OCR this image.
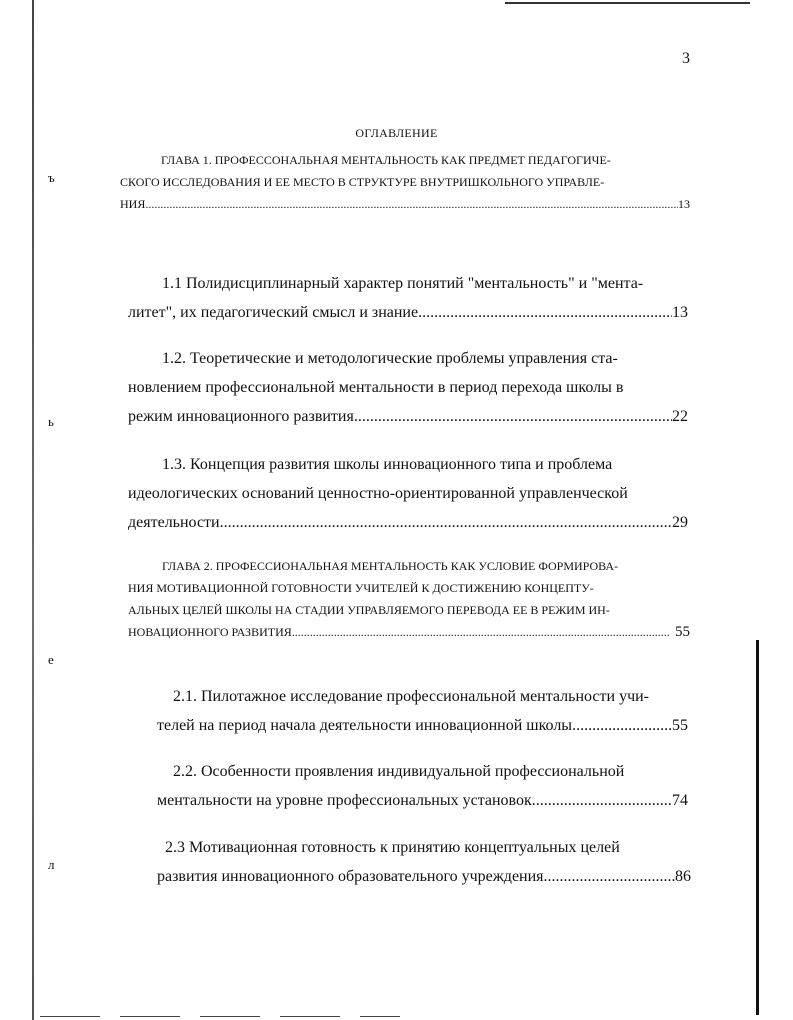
ъ
ь
е
л
3
ОГЛАВЛЕНИЕ
ГЛАВА 1. ПРОФЕССОНАЛЬНАЯ МЕНТАЛЬНОСТЬ КАК ПРЕДМЕТ ПЕДАГОГИЧЕ-
СКОГО ИССЛЕДОВАНИЯ И ЕЕ МЕСТО В СТРУКТУРЕ ВНУТРИШКОЛЬНОГО УПРАВЛЕ-
НИЯ .....	13
1.1 Полидисциплинарный характер понятий "ментальность" и "мента-
литет", их педагогический смысл и знание .....	13
1.2. Теоретические и методологические проблемы управления ста-
новлением профессиональной ментальности в период перехода школы в
режим инновационного развития .....	22
1.3. Концепция развития школы инновационного типа и проблема
идеологических оснований ценностно-ориентированной управленческой
деятельности .....	29
ГЛАВА 2. ПРОФЕССИОНАЛЬНАЯ МЕНТАЛЬНОСТЬ КАК УСЛОВИЕ ФОРМИРОВА-
НИЯ МОТИВАЦИОННОЙ ГОТОВНОСТИ УЧИТЕЛЕЙ К ДОСТИЖЕНИЮ КОНЦЕПТУ-
АЛЬНЫХ ЦЕЛЕЙ ШКОЛЫ НА СТАДИИ УПРАВЛЯЕМОГО ПЕРЕВОДА ЕЕ В РЕЖИМ ИН-
НОВАЦИОННОГО РАЗВИТИЯ .....	55
2.1. Пилотажное исследование профессиональной ментальности учи-
телей на период начала деятельности инновационной школы .....	55
2.2. Особенности проявления индивидуальной профессиональной
ментальности на уровне профессиональных установок .....	74
2.3 Мотивационная готовность к принятию концептуальных целей
развития инновационного образовательного учреждения .....	86
